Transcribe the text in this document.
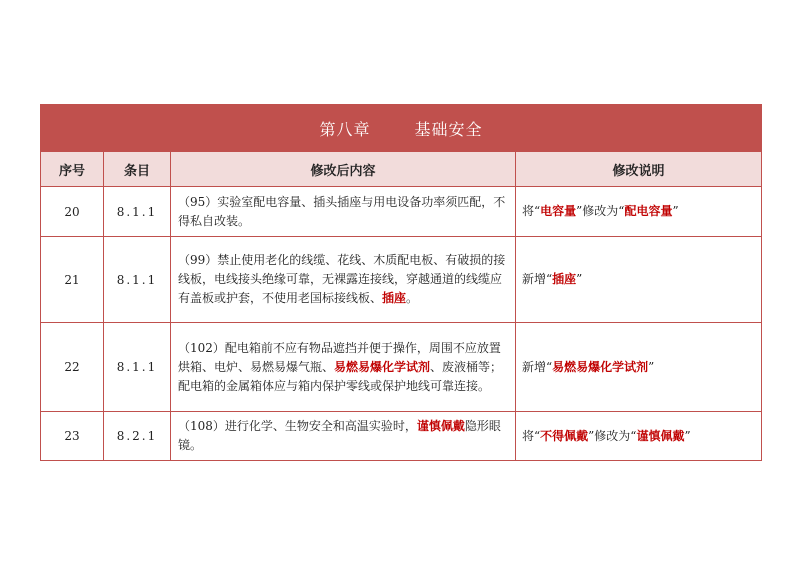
第八章 基础安全			
序号	条目	修改后内容	修改说明
20	8.1.1	（95）实验室配电容量、插头插座与用电设备功率须匹配，不得私自改装。	将“电容量”修改为“配电容量”
21	8.1.1	（99）禁止使用老化的线缆、花线、木质配电板、有破损的接线板，电线接头绝缘可靠，无裸露连接线，穿越通道的线缆应有盖板或护套，不使用老国标接线板、插座。	新增“插座”
22	8.1.1	（102）配电箱前不应有物品遮挡并便于操作，周围不应放置烘箱、电炉、易燃易爆气瓶、易燃易爆化学试剂、废液桶等；配电箱的金属箱体应与箱内保护零线或保护地线可靠连接。	新增“易燃易爆化学试剂”
23	8.2.1	（108）进行化学、生物安全和高温实验时，谨慎佩戴隐形眼镜。	将“不得佩戴”修改为“谨慎佩戴”
